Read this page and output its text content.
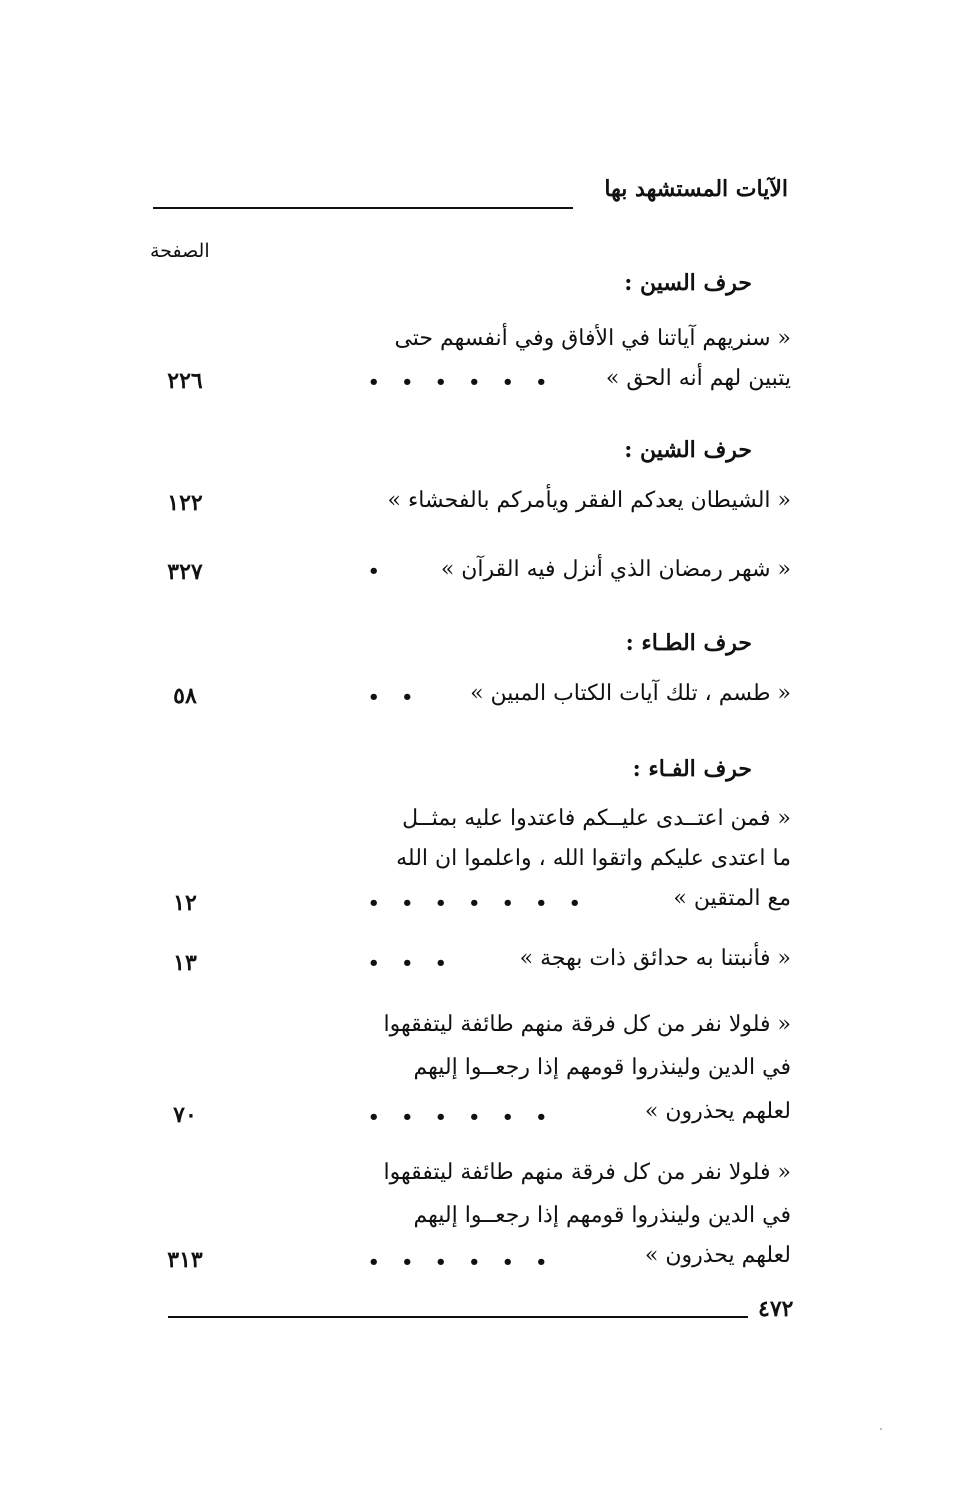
الآيات المستشهد بها
الصفحة
حرف السين :
« سنريهم آياتنا في الأفاق وفي أنفسهم حتى
يتبين لهم أنه الحق »
••••••
٢٢٦
حرف الشين :
« الشيطان يعدكم الفقر ويأمركم بالفحشاء »
١٢٢
« شهر رمضان الذي أنزل فيه القرآن »
•
٣٢٧
حرف الطـاء :
« طسم ، تلك آيات الكتاب المبين »
••
٥٨
حرف الفـاء :
« فمن اعتــدى عليــكم فاعتدوا عليه بمثــل
ما اعتدى عليكم واتقوا الله ، واعلموا ان الله
مع المتقين »
•••••••
١٢
« فأنبتنا به حدائق ذات بهجة »
•••
١٣
« فلولا نفر من كل فرقة منهم طائفة ليتفقهوا
في الدين ولينذروا قومهم إذا رجعــوا إليهم
لعلهم يحذرون »
••••••
٧٠
« فلولا نفر من كل فرقة منهم طائفة ليتفقهوا
في الدين ولينذروا قومهم إذا رجعــوا إليهم
لعلهم يحذرون »
••••••
٣١٣
٤٧٢
